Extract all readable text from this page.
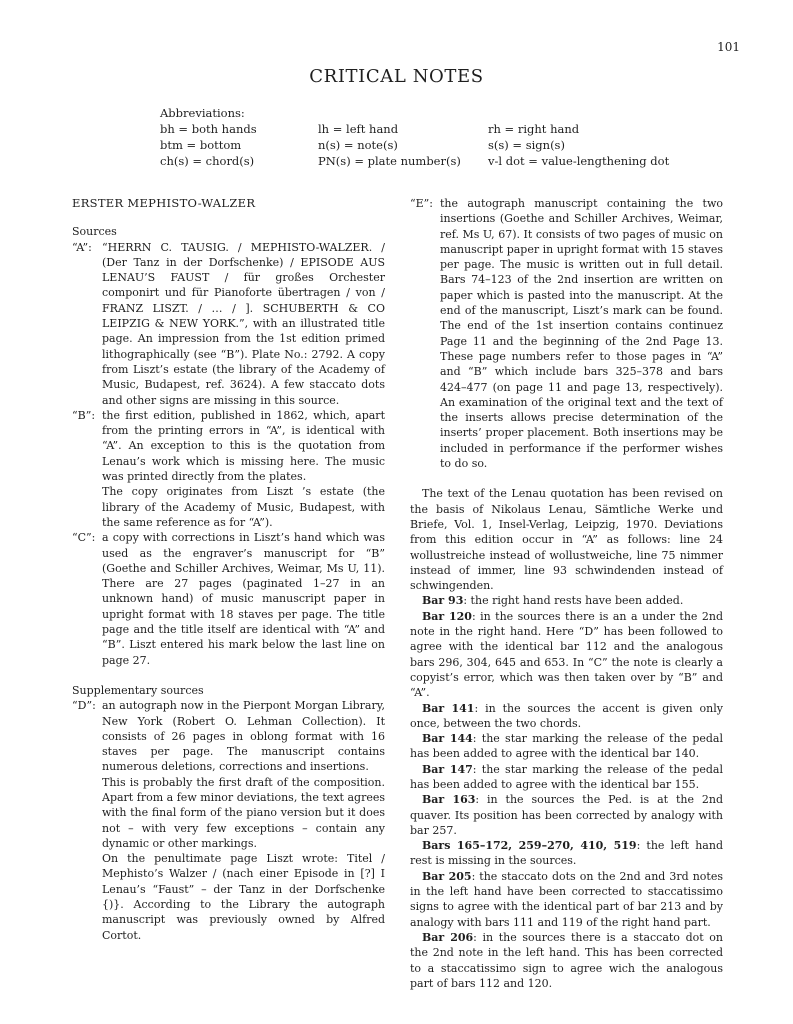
101
CRITICAL NOTES
Abbreviations:
bh = both hands	lh = left hand	rh = right hand
btm = bottom	n(s) = note(s)	s(s) = sign(s)
ch(s) = chord(s)	PN(s) = plate number(s)	v-l dot = value-lengthening dot
ERSTER MEPHISTO-WALZER
Sources
“A”: “HERRN C. TAUSIG. / MEPHISTO-WALZER. / (Der Tanz in der Dorfschenke) / EPISODE AUS LENAU’S FAUST / für großes Orchester componirt und für Pianoforte übertragen / von / FRANZ LISZT. / … / ]. SCHUBERTH & CO LEIPZIG & NEW YORK.”, with an illustrated title page. An impression from the 1st edition primed lithographically (see “B”). Plate No.: 2792. A copy from Liszt’s estate (the library of the Academy of Music, Budapest, ref. 3624). A few staccato dots and other signs are missing in this source.

“B”: the first edition, published in 1862, which, apart from the printing errors in “A”, is identical with “A”. An exception to this is the quotation from Lenau’s work which is missing here. The music was printed directly from the plates.

The copy originates from Liszt ’s estate (the library of the Academy of Music, Budapest, with the same reference as for “A”).

“C”: a copy with corrections in Liszt’s hand which was used as the engraver’s manuscript for “B” (Goethe and Schiller Archives, Weimar, Ms U, 11). There are 27 pages (paginated 1–27 in an unknown hand) of music manuscript paper in upright format with 18 staves per page. The title page and the title itself are identical with “A” and “B”. Liszt entered his mark below the last line on page 27.

Supplementary sources
“D”: an autograph now in the Pierpont Morgan Library, New York (Robert O. Lehman Collection). It consists of 26 pages in oblong format with 16 staves per page. The manuscript contains numerous deletions, corrections and insertions.

This is probably the first draft of the composition. Apart from a few minor deviations, the text agrees with the final form of the piano version but it does not – with very few exceptions – contain any dynamic or other markings.

On the penultimate page Liszt wrote: Titel / Mephisto’s Walzer / (nach einer Episode in [?] I Lenau’s “Faust” – der Tanz in der Dorfschenke {)}. According to the Library the autograph manuscript was previously owned by Alfred Cortot.

“E”: the autograph manuscript containing the two insertions (Goethe and Schiller Archives, Weimar, ref. Ms U, 67). It consists of two pages of music on manuscript paper in upright format with 15 staves per page. The music is written out in full detail. Bars 74–123 of the 2nd insertion are written on paper which is pasted into the manuscript. At the end of the manuscript, Liszt’s mark can be found. The end of the 1st insertion contains continuez Page 11 and the beginning of the 2nd Page 13. These page numbers refer to those pages in “A” and “B” which include bars 325–378 and bars 424–477 (on page 11 and page 13, respectively). An examination of the original text and the text of the inserts allows precise determination of the inserts’ proper placement. Both insertions may be included in performance if the performer wishes to do so.

The text of the Lenau quotation has been revised on the basis of Nikolaus Lenau, Sämtliche Werke und Briefe, Vol. 1, Insel-Verlag, Leipzig, 1970. Deviations from this edition occur in “A” as follows: line 24 wollustreiche instead of wollustweiche, line 75 nimmer instead of immer, line 93 schwindenden instead of schwingenden.

Bar 93: the right hand rests have been added.

Bar 120: in the sources there is an a under the 2nd note in the right hand. Here “D” has been followed to agree with the identical bar 112 and the analogous bars 296, 304, 645 and 653. In “C” the note is clearly a copyist’s error, which was then taken over by “B” and “A”.

Bar 141: in the sources the accent is given only once, between the two chords.

Bar 144: the star marking the release of the pedal has been added to agree with the identical bar 140.

Bar 147: the star marking the release of the pedal has been added to agree with the identical bar 155.

Bar 163: in the sources the Ped. is at the 2nd quaver. Its position has been corrected by analogy with bar 257.

Bars 165–172, 259–270, 410, 519: the left hand rest is missing in the sources.

Bar 205: the staccato dots on the 2nd and 3rd notes in the left hand have been corrected to staccatissimo signs to agree with the identical part of bar 213 and by analogy with bars 111 and 119 of the right hand part.

Bar 206: in the sources there is a staccato dot on the 2nd note in the left hand. This has been corrected to a staccatissimo sign to agree wich the analogous part of bars 112 and 120.
